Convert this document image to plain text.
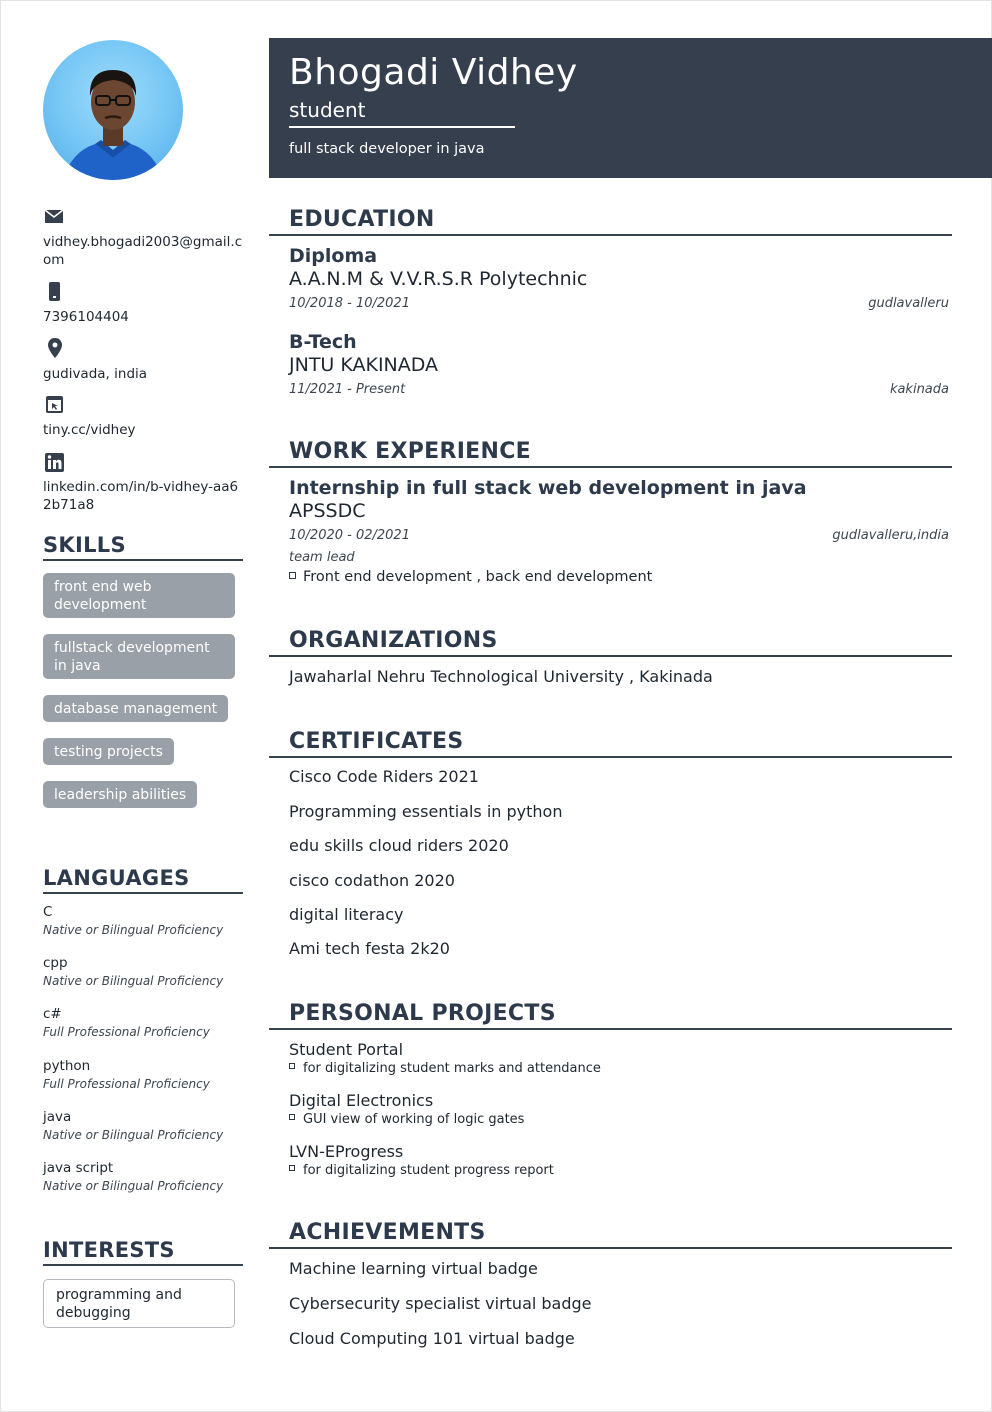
vidhey.bhogadi2003@gmail.com
7396104404
gudivada, india
tiny.cc/vidhey
linkedin.com/in/b-vidhey-aa62b71a8
SKILLS
front end web development
fullstack development in java
database management
testing projects
leadership abilities
LANGUAGES
C
Native or Bilingual Proficiency
cpp
Native or Bilingual Proficiency
c#
Full Professional Proficiency
python
Full Professional Proficiency
java
Native or Bilingual Proficiency
java script
Native or Bilingual Proficiency
INTERESTS
programming and debugging
Bhogadi Vidhey
student
full stack developer in java
EDUCATION
Diploma
A.A.N.M & V.V.R.S.R Polytechnic
10/2018 - 10/2021	gudlavalleru
B-Tech
JNTU KAKINADA
11/2021 - Present	kakinada
WORK EXPERIENCE
Internship in full stack web development in java
APSSDC
10/2020 - 02/2021	gudlavalleru,india
team lead
Front end development , back end development
ORGANIZATIONS
Jawaharlal Nehru Technological University , Kakinada
CERTIFICATES
Cisco Code Riders 2021
Programming essentials in python
edu skills cloud riders 2020
cisco codathon 2020
digital literacy
Ami tech festa 2k20
PERSONAL PROJECTS
Student Portal
for digitalizing student marks and attendance
Digital Electronics
GUI view of working of logic gates
LVN-EProgress
for digitalizing student progress report
ACHIEVEMENTS
Machine learning virtual badge
Cybersecurity specialist virtual badge
Cloud Computing 101 virtual badge
